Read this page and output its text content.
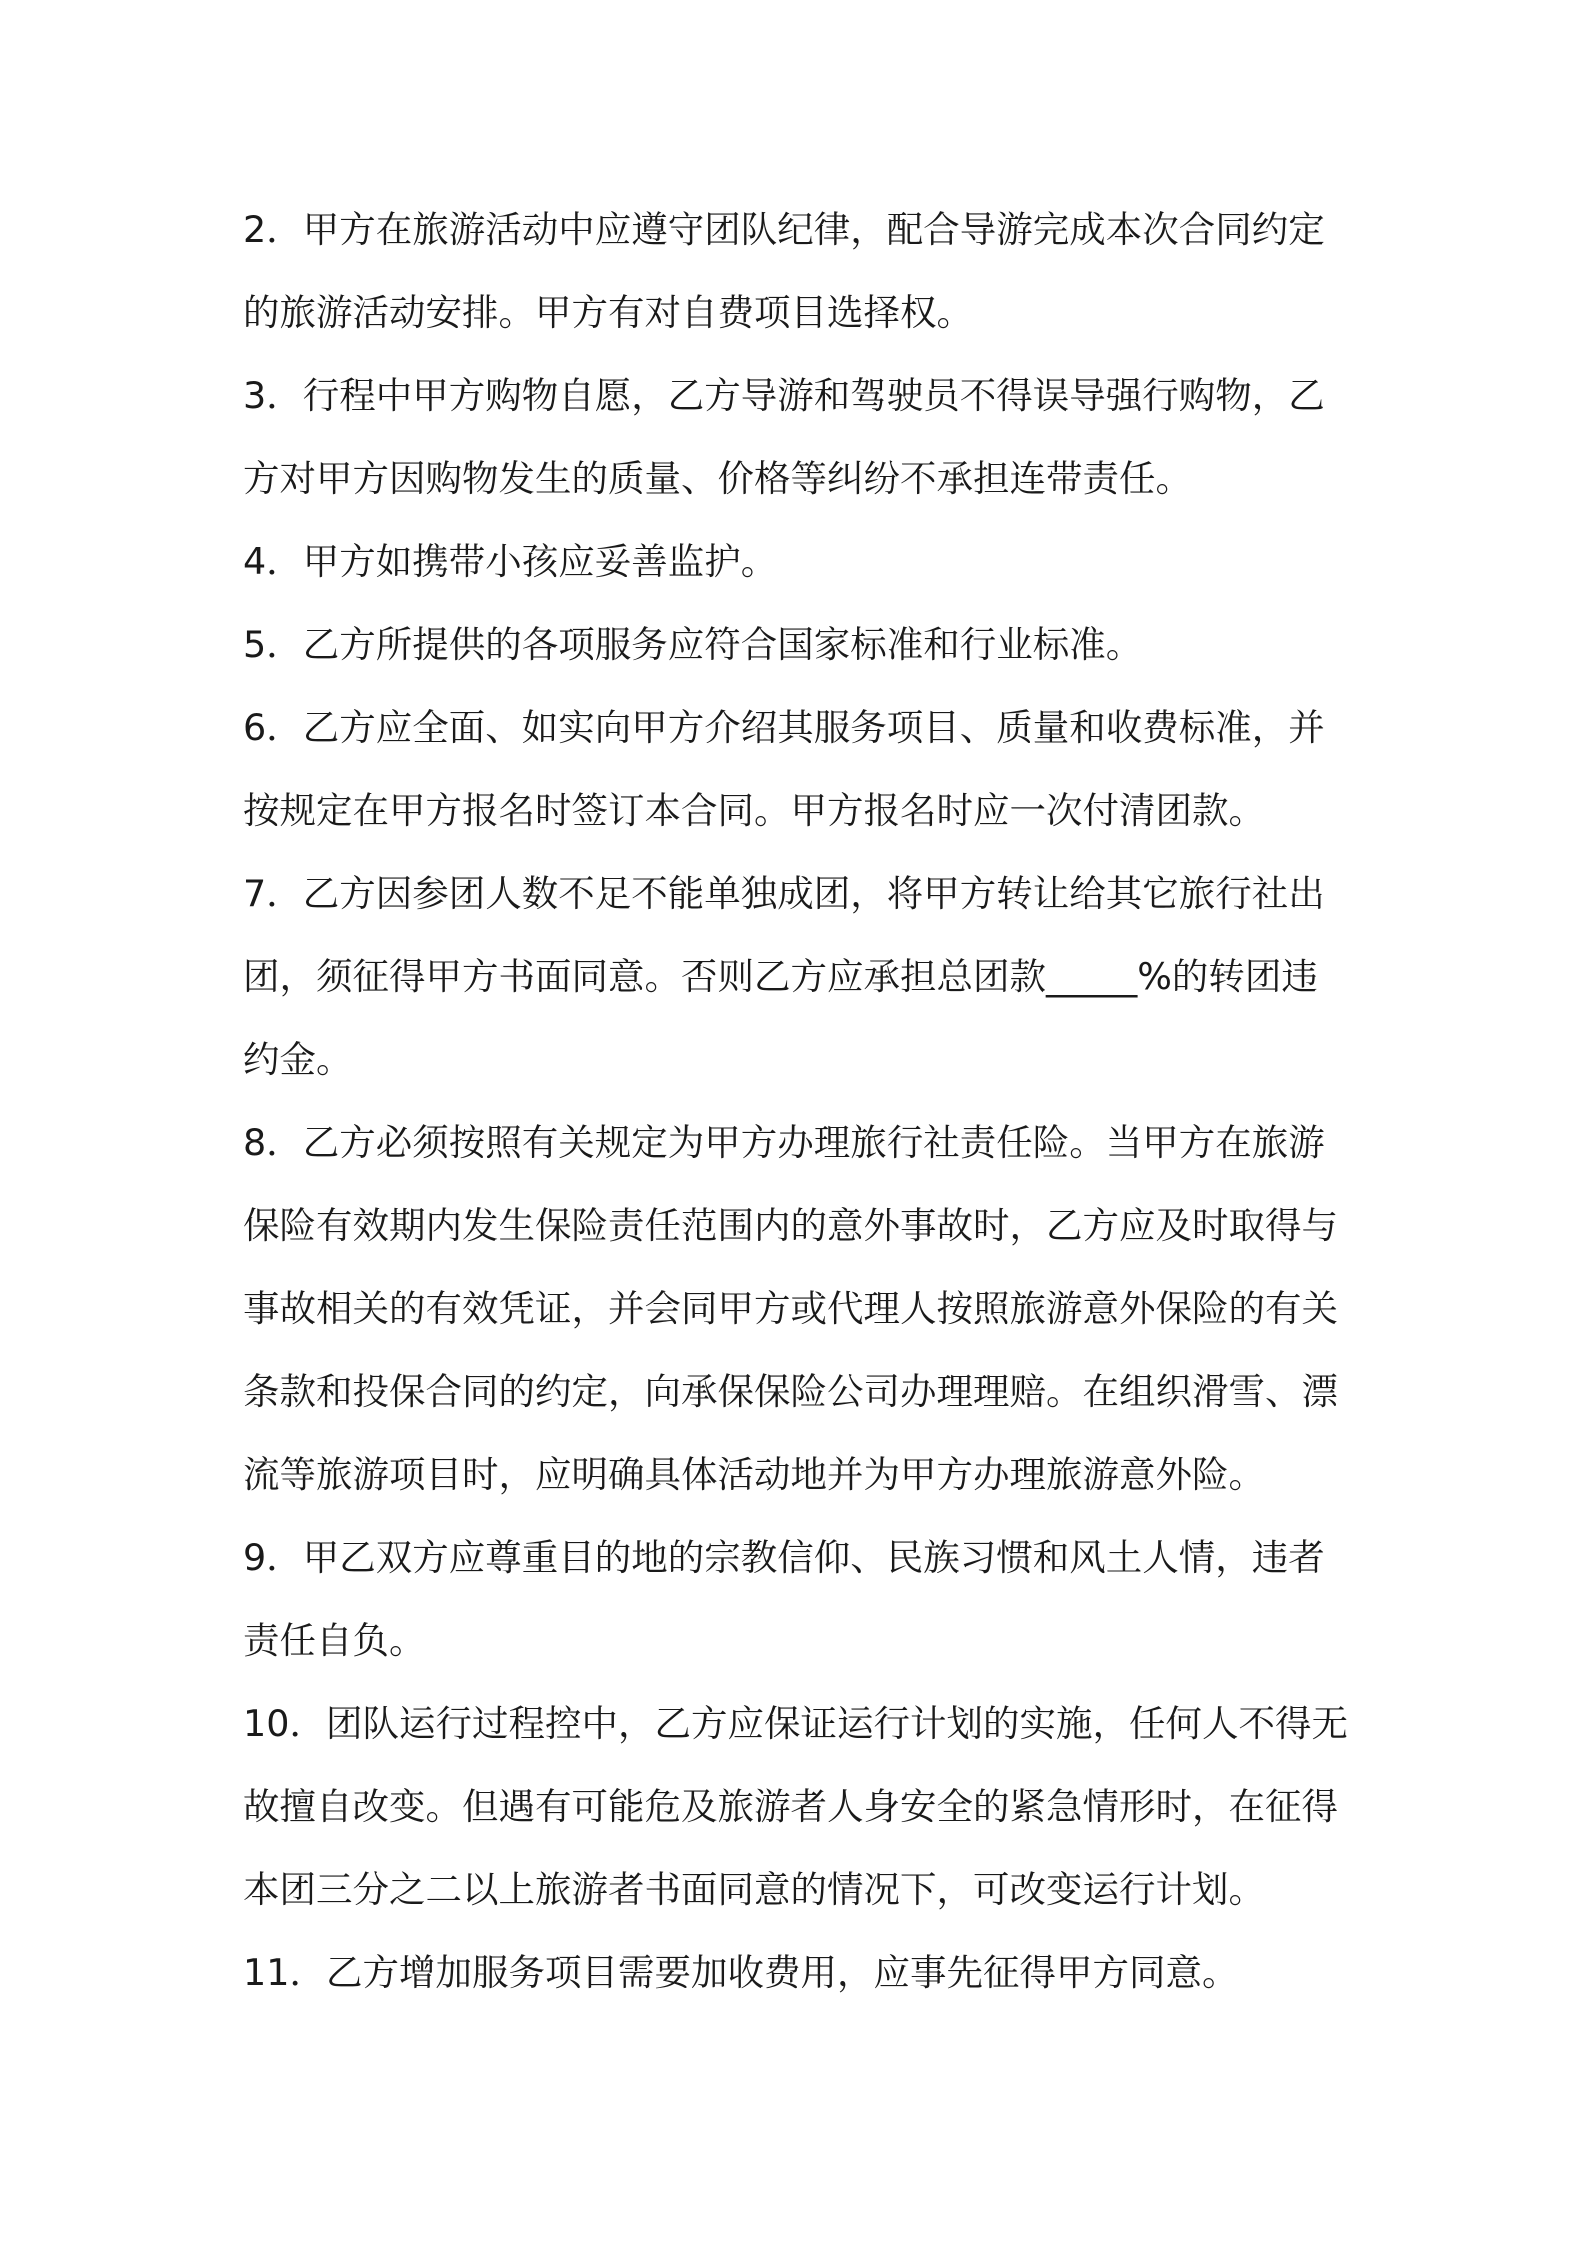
2．甲方在旅游活动中应遵守团队纪律，配合导游完成本次合同约定
的旅游活动安排。甲方有对自费项目选择权。
3．行程中甲方购物自愿，乙方导游和驾驶员不得误导强行购物，乙
方对甲方因购物发生的质量、价格等纠纷不承担连带责任。
4．甲方如携带小孩应妥善监护。
5．乙方所提供的各项服务应符合国家标准和行业标准。
6．乙方应全面、如实向甲方介绍其服务项目、质量和收费标准，并
按规定在甲方报名时签订本合同。甲方报名时应一次付清团款。
7．乙方因参团人数不足不能单独成团，将甲方转让给其它旅行社出
团，须征得甲方书面同意。否则乙方应承担总团款_____%的转团违
约金。
8．乙方必须按照有关规定为甲方办理旅行社责任险。当甲方在旅游
保险有效期内发生保险责任范围内的意外事故时，乙方应及时取得与
事故相关的有效凭证，并会同甲方或代理人按照旅游意外保险的有关
条款和投保合同的约定，向承保保险公司办理理赔。在组织滑雪、漂
流等旅游项目时，应明确具体活动地并为甲方办理旅游意外险。
9．甲乙双方应尊重目的地的宗教信仰、民族习惯和风土人情，违者
责任自负。
10．团队运行过程控中，乙方应保证运行计划的实施，任何人不得无
故擅自改变。但遇有可能危及旅游者人身安全的紧急情形时，在征得
本团三分之二以上旅游者书面同意的情况下，可改变运行计划。
11．乙方增加服务项目需要加收费用，应事先征得甲方同意。
